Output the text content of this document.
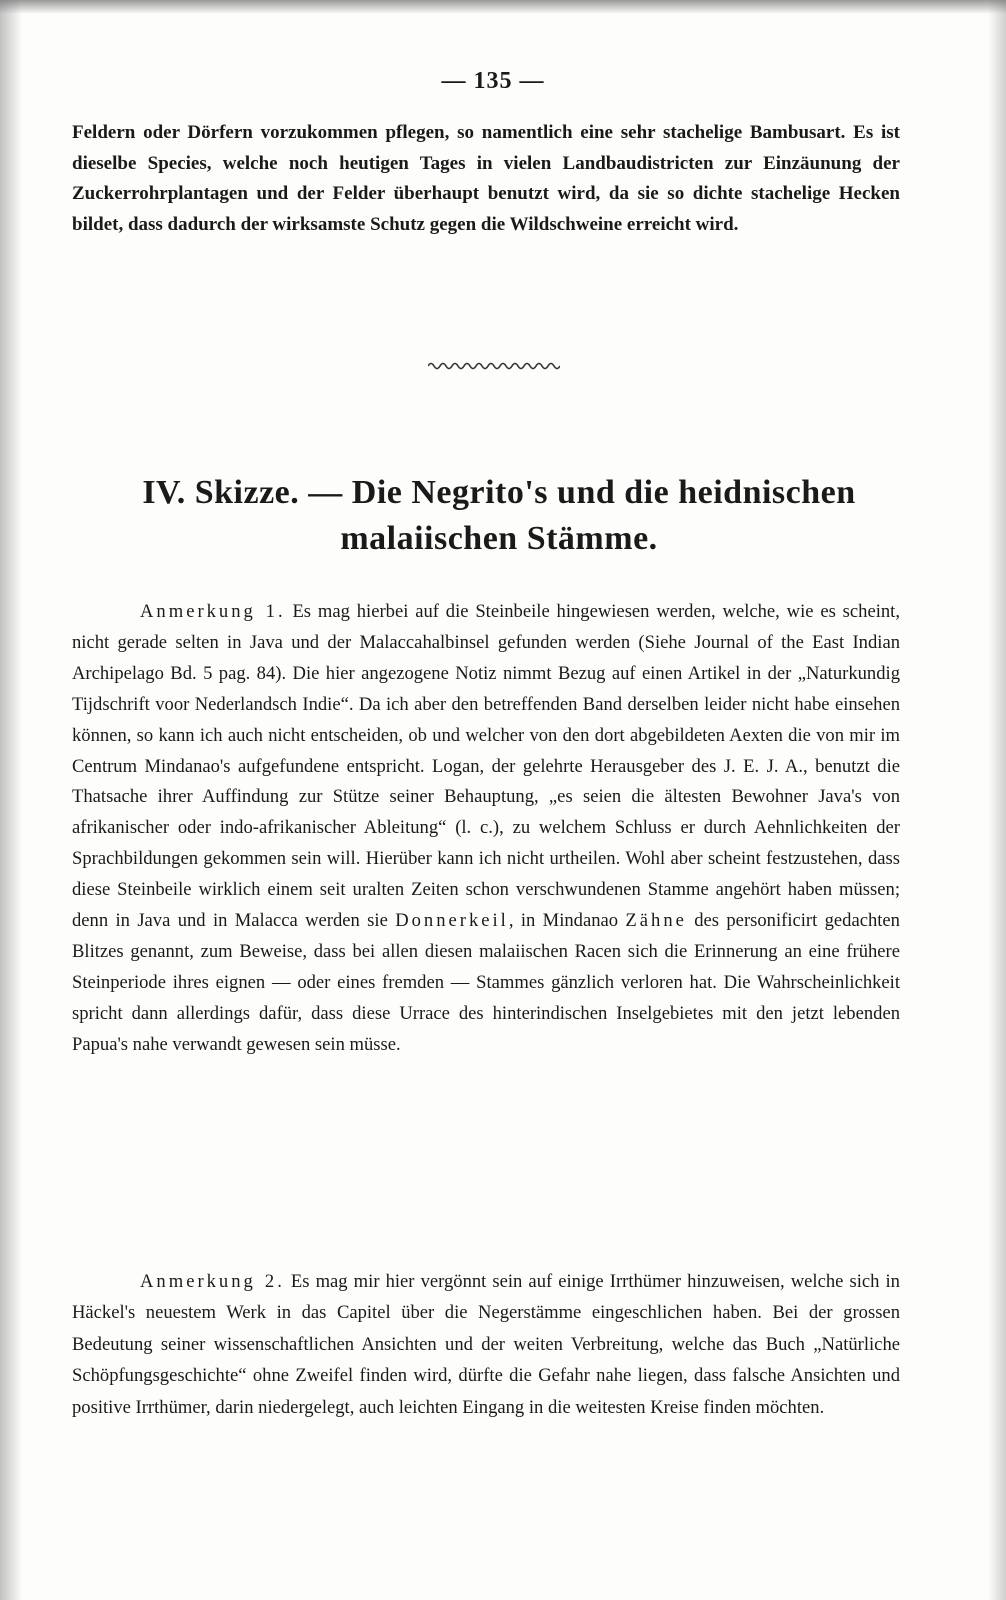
— 135 —

Feldern oder Dörfern vorzukommen pflegen, so namentlich eine sehr stachelige Bambusart. Es ist dieselbe Species, welche noch heutigen Tages in vielen Landbaudistricten zur Einzäunung der Zuckerrohrplantagen und der Felder überhaupt benutzt wird, da sie so dichte stachelige Hecken bildet, dass dadurch der wirksamste Schutz gegen die Wildschweine erreicht wird.

IV. Skizze. — Die Negrito's und die heidnischen
malaiischen Stämme.

Anmerkung 1. Es mag hierbei auf die Steinbeile hingewiesen werden, welche, wie es scheint, nicht gerade selten in Java und der Malaccahalbinsel gefunden werden (Siehe Journal of the East Indian Archipelago Bd. 5 pag. 84). Die hier angezogene Notiz nimmt Bezug auf einen Artikel in der „Naturkundig Tijdschrift voor Nederlandsch Indie“. Da ich aber den betreffenden Band derselben leider nicht habe einsehen können, so kann ich auch nicht entscheiden, ob und welcher von den dort abgebildeten Aexten die von mir im Centrum Mindanao's aufgefundene entspricht. Logan, der gelehrte Herausgeber des J. E. J. A., benutzt die Thatsache ihrer Auffindung zur Stütze seiner Behauptung, „es seien die ältesten Bewohner Java's von afrikanischer oder indo-afrikanischer Ableitung“ (l. c.), zu welchem Schluss er durch Aehnlichkeiten der Sprachbildungen gekommen sein will. Hierüber kann ich nicht urtheilen. Wohl aber scheint festzustehen, dass diese Steinbeile wirklich einem seit uralten Zeiten schon verschwundenen Stamme angehört haben müssen; denn in Java und in Malacca werden sie Donnerkeil, in Mindanao Zähne des personificirt gedachten Blitzes genannt, zum Beweise, dass bei allen diesen malaiischen Racen sich die Erinnerung an eine frühere Steinperiode ihres eignen — oder eines fremden — Stammes gänzlich verloren hat. Die Wahrscheinlichkeit spricht dann allerdings dafür, dass diese Urrace des hinterindischen Inselgebietes mit den jetzt lebenden Papua's nahe verwandt gewesen sein müsse.

Anmerkung 2. Es mag mir hier vergönnt sein auf einige Irrthümer hinzuweisen, welche sich in Häckel's neuestem Werk in das Capitel über die Negerstämme eingeschlichen haben. Bei der grossen Bedeutung seiner wissenschaftlichen Ansichten und der weiten Verbreitung, welche das Buch „Natürliche Schöpfungsgeschichte“ ohne Zweifel finden wird, dürfte die Gefahr nahe liegen, dass falsche Ansichten und positive Irrthümer, darin niedergelegt, auch leichten Eingang in die weitesten Kreise finden möchten.
